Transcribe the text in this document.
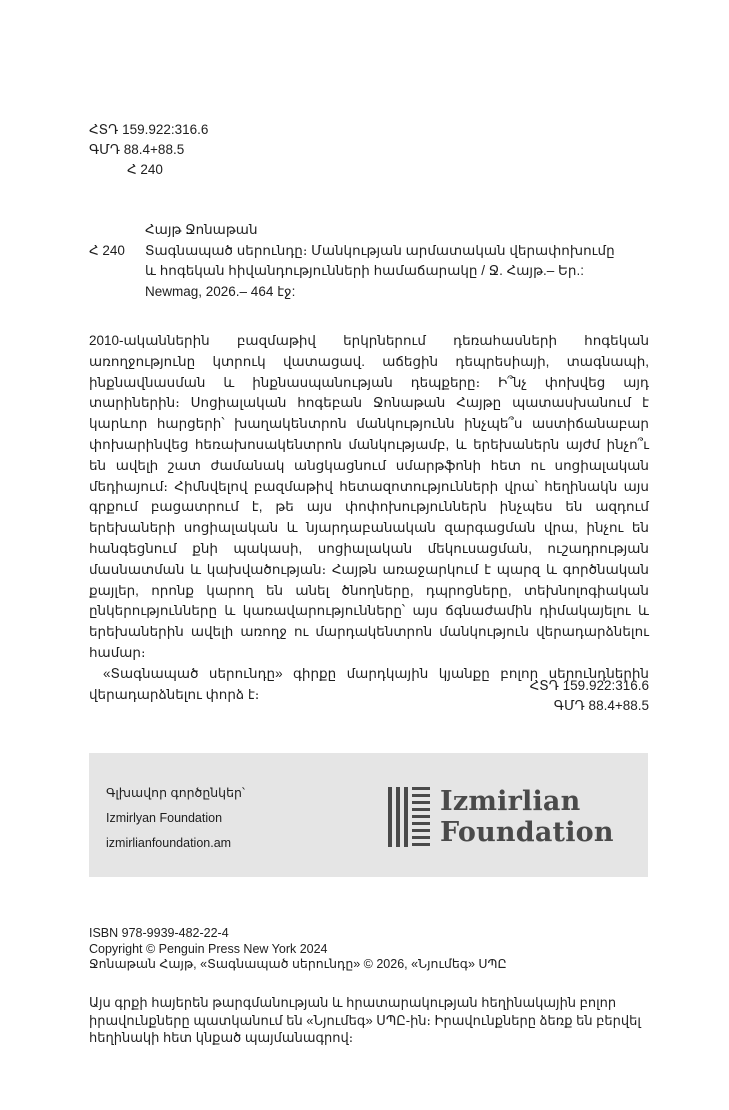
ՀՏԴ 159.922:316.6
ԳՄԴ 88.4+88.5
Հ 240
Հայթ Ջոնաթան
Հ 240	Տագնապած սերունդը։ Մանկության արմատական վերափոխումը
և հոգեկան հիվանդությունների համաճարակը / Ջ. Հայթ.– Եր.:
Newmag, 2026.– 464 էջ:

2010-ականներին բազմաթիվ երկրներում դեռահասների հոգեկան առողջությունը կտրուկ վատացավ. աճեցին դեպրեսիայի, տագնապի, ինքնավնասման և ինքնասպանության դեպքերը։ Ի՞նչ փոխվեց այդ տարիներին։ Սոցիալական հոգեբան Ջոնաթան Հայթը պատասխանում է կարևոր հարցերի՝ խաղակենտրոն մանկությունն ինչպե՞ս աստիճանաբար փոխարինվեց հեռախոսակենտրոն մանկությամբ, և երեխաներն այժմ ինչո՞ւ են ավելի շատ ժամանակ անցկացնում սմարթֆոնի հետ ու սոցիալական մեդիայում։ Հիմնվելով բազմաթիվ հետազոտությունների վրա՝ հեղինակն այս գրքում բացատրում է, թե այս փոփոխություններն ինչպես են ազդում երեխաների սոցիալական և նյարդաբանական զարգացման վրա, ինչու են հանգեցնում քնի պակասի, սոցիալական մեկուսացման, ուշադրության մասնատման և կախվածության։ Հայթն առաջարկում է պարզ և գործնական քայլեր, որոնք կարող են անել ծնողները, դպրոցները, տեխնոլոգիական ընկերությունները և կառավարությունները՝ այս ճգնաժամին դիմակայելու և երեխաներին ավելի առողջ ու մարդակենտրոն մանկություն վերադարձնելու համար։

«Տագնապած սերունդը» գիրքը մարդկային կյանքը բոլոր սերունդներին վերադարձնելու փորձ է։

ՀՏԴ 159.922:316.6
ԳՄԴ 88.4+88.5
Գլխավոր գործընկեր՝
Izmirlyan Foundation
izmirlianfoundation.am
Izmirlian
Foundation
ISBN 978-9939-482-22-4
Copyright © Penguin Press New York 2024
Ջոնաթան Հայթ, «Տագնապած սերունդը» © 2026, «Նյումեգ» ՍՊԸ
Այս գրքի հայերեն թարգմանության և հրատարակության հեղինակային բոլոր իրավունքները պատկանում են «Նյումեգ» ՍՊԸ-ին։ Իրավունքները ձեռք են բերվել հեղինակի հետ կնքած պայմանագրով։
